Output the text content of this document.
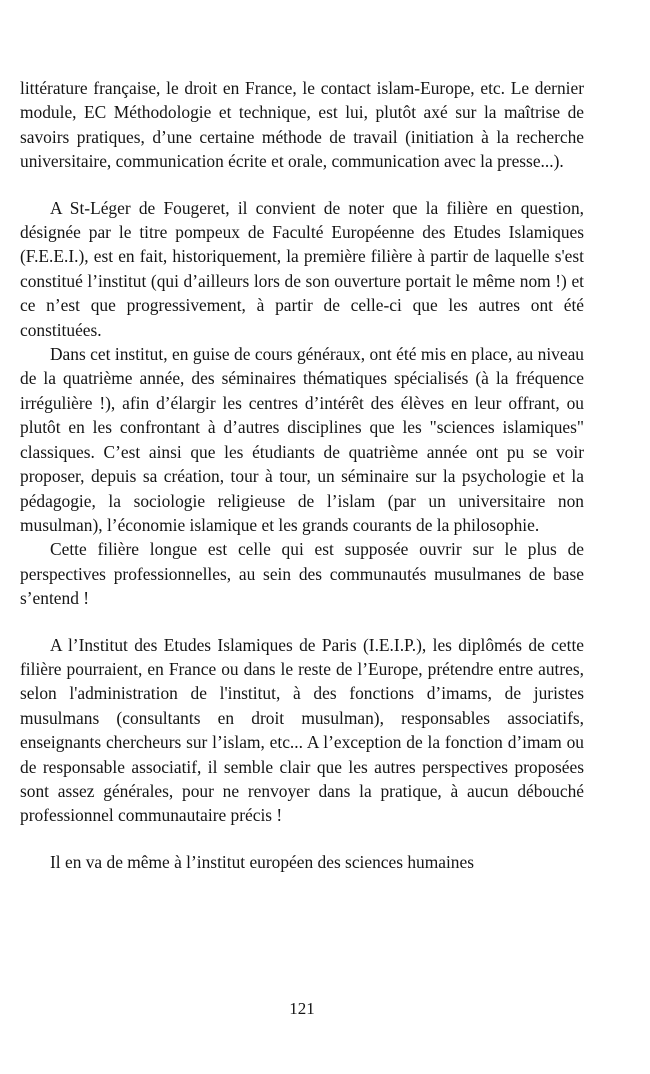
littérature française, le droit en France, le contact islam-Europe, etc. Le dernier module, EC Méthodologie et technique, est lui, plutôt axé sur la maîtrise de savoirs pratiques, d’une certaine méthode de travail (initiation à la recherche universitaire, communication écrite et orale, communication avec la presse...).

A St-Léger de Fougeret, il convient de noter que la filière en question, désignée par le titre pompeux de Faculté Européenne des Etudes Islamiques (F.E.E.I.), est en fait, historiquement, la première filière à partir de laquelle s'est constitué l’institut (qui d’ailleurs lors de son ouverture portait le même nom !) et ce n’est que progressivement, à partir de celle-ci que les autres ont été constituées.

Dans cet institut, en guise de cours généraux, ont été mis en place, au niveau de la quatrième année, des séminaires thématiques spécialisés (à la fréquence irrégulière !), afin d’élargir les centres d’intérêt des élèves en leur offrant, ou plutôt en les confrontant à d’autres disciplines que les "sciences islamiques" classiques. C’est ainsi que les étudiants de quatrième année ont pu se voir proposer, depuis sa création, tour à tour, un séminaire sur la psychologie et la pédagogie, la sociologie religieuse de l’islam (par un universitaire non musulman), l’économie islamique et les grands courants de la philosophie.

Cette filière longue est celle qui est supposée ouvrir sur le plus de perspectives professionnelles, au sein des communautés musulmanes de base s’entend !

A l’Institut des Etudes Islamiques de Paris (I.E.I.P.), les diplômés de cette filière pourraient, en France ou dans le reste de l’Europe, prétendre entre autres, selon l'administration de l'institut, à des fonctions d’imams, de juristes musulmans (consultants en droit musulman), responsables associatifs, enseignants chercheurs sur l’islam, etc... A l’exception de la fonction d’imam ou de responsable associatif, il semble clair que les autres perspectives proposées sont assez générales, pour ne renvoyer dans la pratique, à aucun débouché professionnel communautaire précis !

Il en va de même à l’institut européen des sciences humaines

121
